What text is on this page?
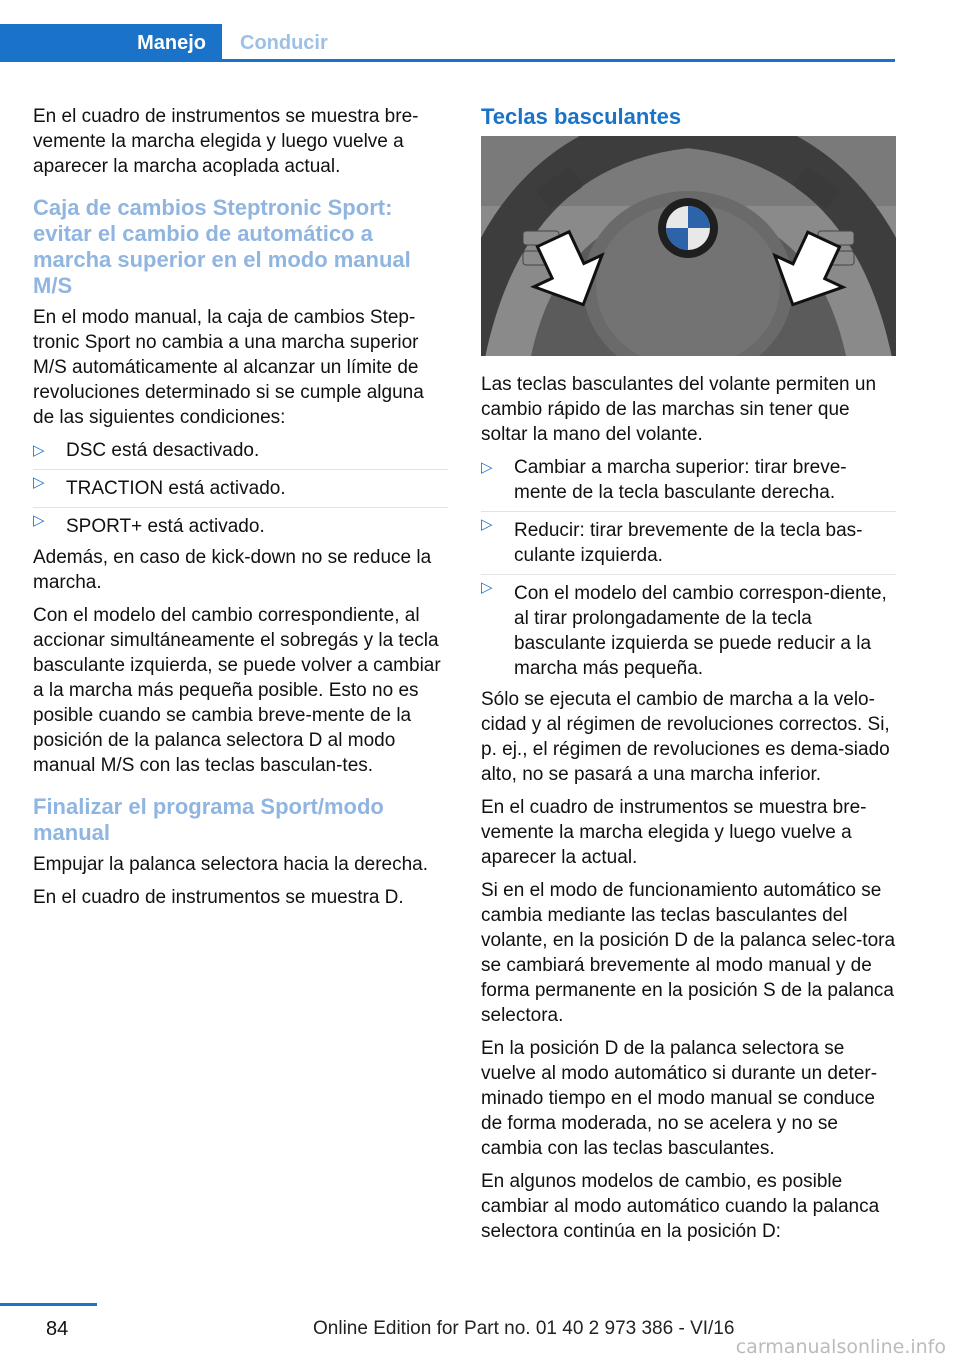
Manejo	Conducir

En el cuadro de instrumentos se muestra bre-vemente la marcha elegida y luego vuelve a aparecer la marcha acoplada actual.

Caja de cambios Steptronic Sport: evitar el cambio de automático a marcha superior en el modo manual M/S

En el modo manual, la caja de cambios Step-tronic Sport no cambia a una marcha superior M/S automáticamente al alcanzar un límite de revoluciones determinado si se cumple alguna de las siguientes condiciones:

▷ DSC está desactivado.
▷ TRACTION está activado.
▷ SPORT+ está activado.

Además, en caso de kick-down no se reduce la marcha.

Con el modelo del cambio correspondiente, al accionar simultáneamente el sobregás y la tecla basculante izquierda, se puede volver a cambiar a la marcha más pequeña posible. Esto no es posible cuando se cambia breve-mente de la posición de la palanca selectora D al modo manual M/S con las teclas basculan-tes.

Finalizar el programa Sport/modo manual

Empujar la palanca selectora hacia la derecha.

En el cuadro de instrumentos se muestra D.

Teclas basculantes

Las teclas basculantes del volante permiten un cambio rápido de las marchas sin tener que soltar la mano del volante.

▷ Cambiar a marcha superior: tirar breve-mente de la tecla basculante derecha.
▷ Reducir: tirar brevemente de la tecla bas-culante izquierda.
▷ Con el modelo del cambio correspon-diente, al tirar prolongadamente de la tecla basculante izquierda se puede reducir a la marcha más pequeña.

Sólo se ejecuta el cambio de marcha a la velo-cidad y al régimen de revoluciones correctos. Si, p. ej., el régimen de revoluciones es dema-siado alto, no se pasará a una marcha inferior.

En el cuadro de instrumentos se muestra bre-vemente la marcha elegida y luego vuelve a aparecer la actual.

Si en el modo de funcionamiento automático se cambia mediante las teclas basculantes del volante, en la posición D de la palanca selec-tora se cambiará brevemente al modo manual y de forma permanente en la posición S de la palanca selectora.

En la posición D de la palanca selectora se vuelve al modo automático si durante un deter-minado tiempo en el modo manual se conduce de forma moderada, no se acelera y no se cambia con las teclas basculantes.

En algunos modelos de cambio, es posible cambiar al modo automático cuando la palanca selectora continúa en la posición D:

84	Online Edition for Part no. 01 40 2 973 386 - VI/16
carmanualsonline.info
